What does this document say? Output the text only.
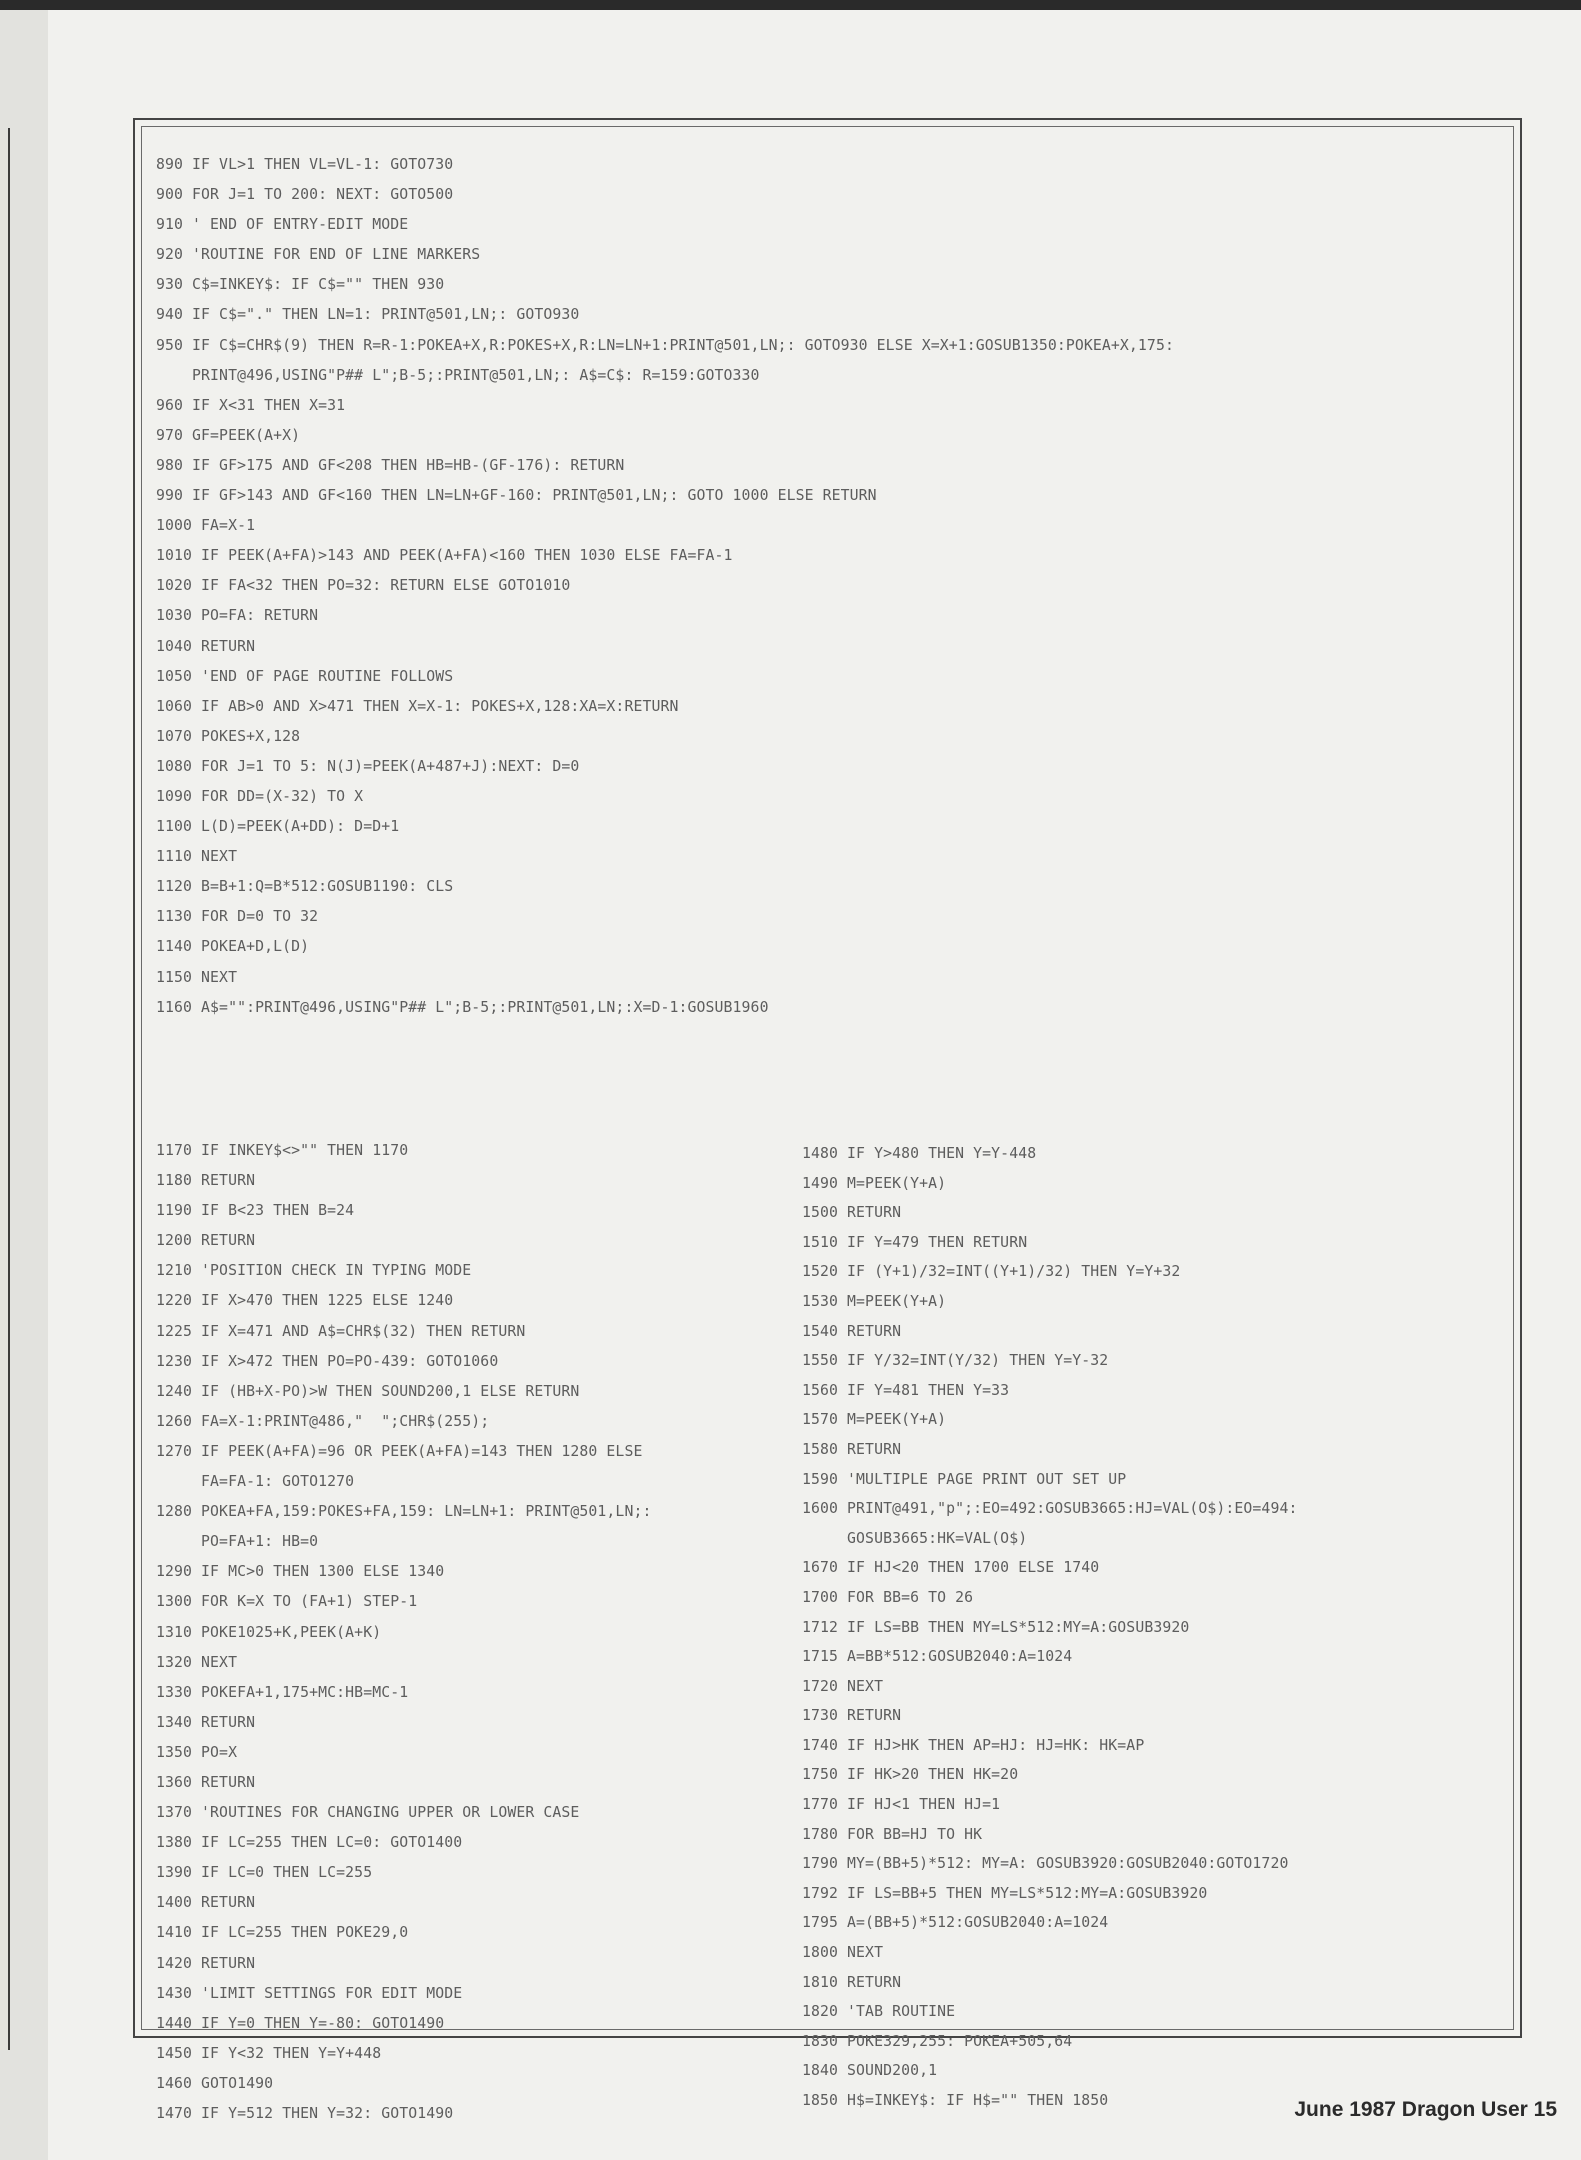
890 IF VL>1 THEN VL=VL-1: GOTO730
900 FOR J=1 TO 200: NEXT: GOTO500
910 ' END OF ENTRY-EDIT MODE
920 'ROUTINE FOR END OF LINE MARKERS
930 C$=INKEY$: IF C$="" THEN 930
940 IF C$="." THEN LN=1: PRINT@501,LN;: GOTO930
950 IF C$=CHR$(9) THEN R=R-1:POKEA+X,R:POKES+X,R:LN=LN+1:PRINT@501,LN;: GOTO930 ELSE X=X+1:GOSUB1350:POKEA+X,175:
PRINT@496,USING"P## L";B-5;:PRINT@501,LN;: A$=C$: R=159:GOTO330
960 IF X<31 THEN X=31
970 GF=PEEK(A+X)
980 IF GF>175 AND GF<208 THEN HB=HB-(GF-176): RETURN
990 IF GF>143 AND GF<160 THEN LN=LN+GF-160: PRINT@501,LN;: GOTO 1000 ELSE RETURN
1000 FA=X-1
1010 IF PEEK(A+FA)>143 AND PEEK(A+FA)<160 THEN 1030 ELSE FA=FA-1
1020 IF FA<32 THEN PO=32: RETURN ELSE GOTO1010
1030 PO=FA: RETURN
1040 RETURN
1050 'END OF PAGE ROUTINE FOLLOWS
1060 IF AB>0 AND X>471 THEN X=X-1: POKES+X,128:XA=X:RETURN
1070 POKES+X,128
1080 FOR J=1 TO 5: N(J)=PEEK(A+487+J):NEXT: D=0
1090 FOR DD=(X-32) TO X
1100 L(D)=PEEK(A+DD): D=D+1
1110 NEXT
1120 B=B+1:Q=B*512:GOSUB1190: CLS
1130 FOR D=0 TO 32
1140 POKEA+D,L(D)
1150 NEXT
1160 A$="":PRINT@496,USING"P## L";B-5;:PRINT@501,LN;:X=D-1:GOSUB1960
1170 IF INKEY$<>"" THEN 1170
1180 RETURN
1190 IF B<23 THEN B=24
1200 RETURN
1210 'POSITION CHECK IN TYPING MODE
1220 IF X>470 THEN 1225 ELSE 1240
1225 IF X=471 AND A$=CHR$(32) THEN RETURN
1230 IF X>472 THEN PO=PO-439: GOTO1060
1240 IF (HB+X-PO)>W THEN SOUND200,1 ELSE RETURN
1260 FA=X-1:PRINT@486,"  ";CHR$(255);
1270 IF PEEK(A+FA)=96 OR PEEK(A+FA)=143 THEN 1280 ELSE
FA=FA-1: GOTO1270
1280 POKEA+FA,159:POKES+FA,159: LN=LN+1: PRINT@501,LN;:
PO=FA+1: HB=0
1290 IF MC>0 THEN 1300 ELSE 1340
1300 FOR K=X TO (FA+1) STEP-1
1310 POKE1025+K,PEEK(A+K)
1320 NEXT
1330 POKEFA+1,175+MC:HB=MC-1
1340 RETURN
1350 PO=X
1360 RETURN
1370 'ROUTINES FOR CHANGING UPPER OR LOWER CASE
1380 IF LC=255 THEN LC=0: GOTO1400
1390 IF LC=0 THEN LC=255
1400 RETURN
1410 IF LC=255 THEN POKE29,0
1420 RETURN
1430 'LIMIT SETTINGS FOR EDIT MODE
1440 IF Y=0 THEN Y=-80: GOTO1490
1450 IF Y<32 THEN Y=Y+448
1460 GOTO1490
1470 IF Y=512 THEN Y=32: GOTO1490
1480 IF Y>480 THEN Y=Y-448
1490 M=PEEK(Y+A)
1500 RETURN
1510 IF Y=479 THEN RETURN
1520 IF (Y+1)/32=INT((Y+1)/32) THEN Y=Y+32
1530 M=PEEK(Y+A)
1540 RETURN
1550 IF Y/32=INT(Y/32) THEN Y=Y-32
1560 IF Y=481 THEN Y=33
1570 M=PEEK(Y+A)
1580 RETURN
1590 'MULTIPLE PAGE PRINT OUT SET UP
1600 PRINT@491,"p";:EO=492:GOSUB3665:HJ=VAL(O$):EO=494:
GOSUB3665:HK=VAL(O$)
1670 IF HJ<20 THEN 1700 ELSE 1740
1700 FOR BB=6 TO 26
1712 IF LS=BB THEN MY=LS*512:MY=A:GOSUB3920
1715 A=BB*512:GOSUB2040:A=1024
1720 NEXT
1730 RETURN
1740 IF HJ>HK THEN AP=HJ: HJ=HK: HK=AP
1750 IF HK>20 THEN HK=20
1770 IF HJ<1 THEN HJ=1
1780 FOR BB=HJ TO HK
1790 MY=(BB+5)*512: MY=A: GOSUB3920:GOSUB2040:GOTO1720
1792 IF LS=BB+5 THEN MY=LS*512:MY=A:GOSUB3920
1795 A=(BB+5)*512:GOSUB2040:A=1024
1800 NEXT
1810 RETURN
1820 'TAB ROUTINE
1830 POKE329,255: POKEA+505,64
1840 SOUND200,1
1850 H$=INKEY$: IF H$="" THEN 1850	June 1987 Dragon User 15
